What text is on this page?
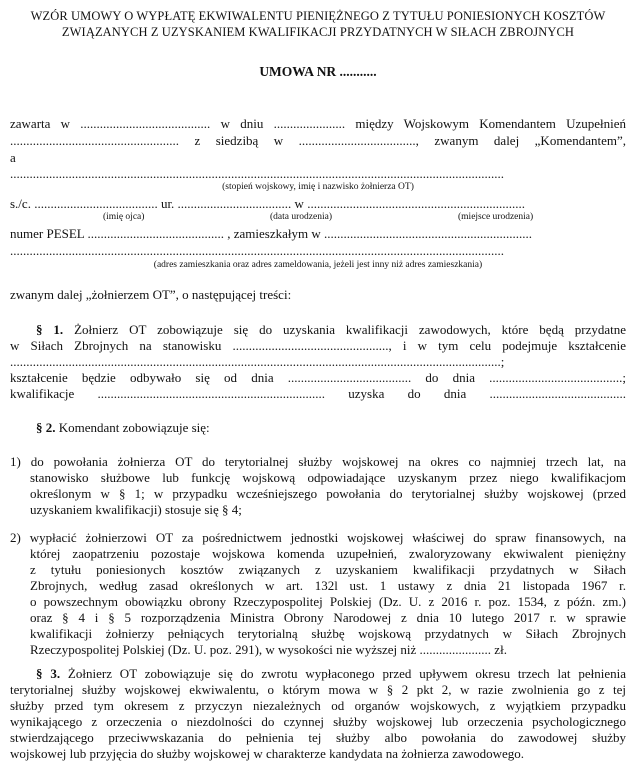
WZÓR UMOWY O WYPŁATĘ EKWIWALENTU PIENIĘŻNEGO Z TYTUŁU PONIESIONYCH KOSZTÓW
ZWIĄZANYCH Z UZYSKANIEM KWALIFIKACJI PRZYDATNYCH W SIŁACH ZBROJNYCH
UMOWA NR ...........
zawarta w ........................................ w dniu ...................... między Wojskowym Komendantem Uzupełnień
.................................................... z siedzibą w ...................................., zwanym dalej „Komendantem”,
a
........................................................................................................................................................
(stopień wojskowy, imię i nazwisko żołnierza OT)
s./c. ...................................... ur. ................................... w ...................................................................
(imię ojca)	(data urodzenia)	(miejsce urodzenia)
numer PESEL .......................................... , zamieszkałym w ................................................................
........................................................................................................................................................
(adres zamieszkania oraz adres zameldowania, jeżeli jest inny niż adres zamieszkania)
zwanym dalej „żołnierzem OT”, o następującej treści:
§ 1. Żołnierz OT zobowiązuje się do uzyskania kwalifikacji zawodowych, które będą przydatne
w Siłach Zbrojnych na stanowisku ................................................, i w tym celu podejmuje kształcenie
.......................................................................................................................................................;
kształcenie będzie odbywało się od dnia ...................................... do dnia .........................................;
kwalifikacje ...................................................................... uzyska do dnia ..........................................
§ 2. Komendant zobowiązuje się:
1) do powołania żołnierza OT do terytorialnej służby wojskowej na okres co najmniej trzech lat, na
stanowisko służbowe lub funkcję wojskową odpowiadające uzyskanym przez niego kwalifikacjom
określonym w § 1; w przypadku wcześniejszego powołania do terytorialnej służby wojskowej (przed
uzyskaniem kwalifikacji) stosuje się § 4;
2) wypłacić żołnierzowi OT za pośrednictwem jednostki wojskowej właściwej do spraw finansowych, na
której zaopatrzeniu pozostaje wojskowa komenda uzupełnień, zwaloryzowany ekwiwalent pieniężny
z tytułu poniesionych kosztów związanych z uzyskaniem kwalifikacji przydatnych w Siłach
Zbrojnych, według zasad określonych w art. 132l ust. 1 ustawy z dnia 21 listopada 1967 r.
o powszechnym obowiązku obrony Rzeczypospolitej Polskiej (Dz. U. z 2016 r. poz. 1534, z późn. zm.)
oraz § 4 i § 5 rozporządzenia Ministra Obrony Narodowej z dnia 10 lutego 2017 r. w sprawie
kwalifikacji żołnierzy pełniących terytorialną służbę wojskową przydatnych w Siłach Zbrojnych
Rzeczypospolitej Polskiej (Dz. U. poz. 291), w wysokości nie wyższej niż ...................... zł.
§ 3. Żołnierz OT zobowiązuje się do zwrotu wypłaconego przed upływem okresu trzech lat pełnienia
terytorialnej służby wojskowej ekwiwalentu, o którym mowa w § 2 pkt 2, w razie zwolnienia go z tej
służby przed tym okresem z przyczyn niezależnych od organów wojskowych, z wyjątkiem przypadku
wynikającego z orzeczenia o niezdolności do czynnej służby wojskowej lub orzeczenia psychologicznego
stwierdzającego przeciwwskazania do pełnienia tej służby albo powołania do zawodowej służby
wojskowej lub przyjęcia do służby wojskowej w charakterze kandydata na żołnierza zawodowego.
